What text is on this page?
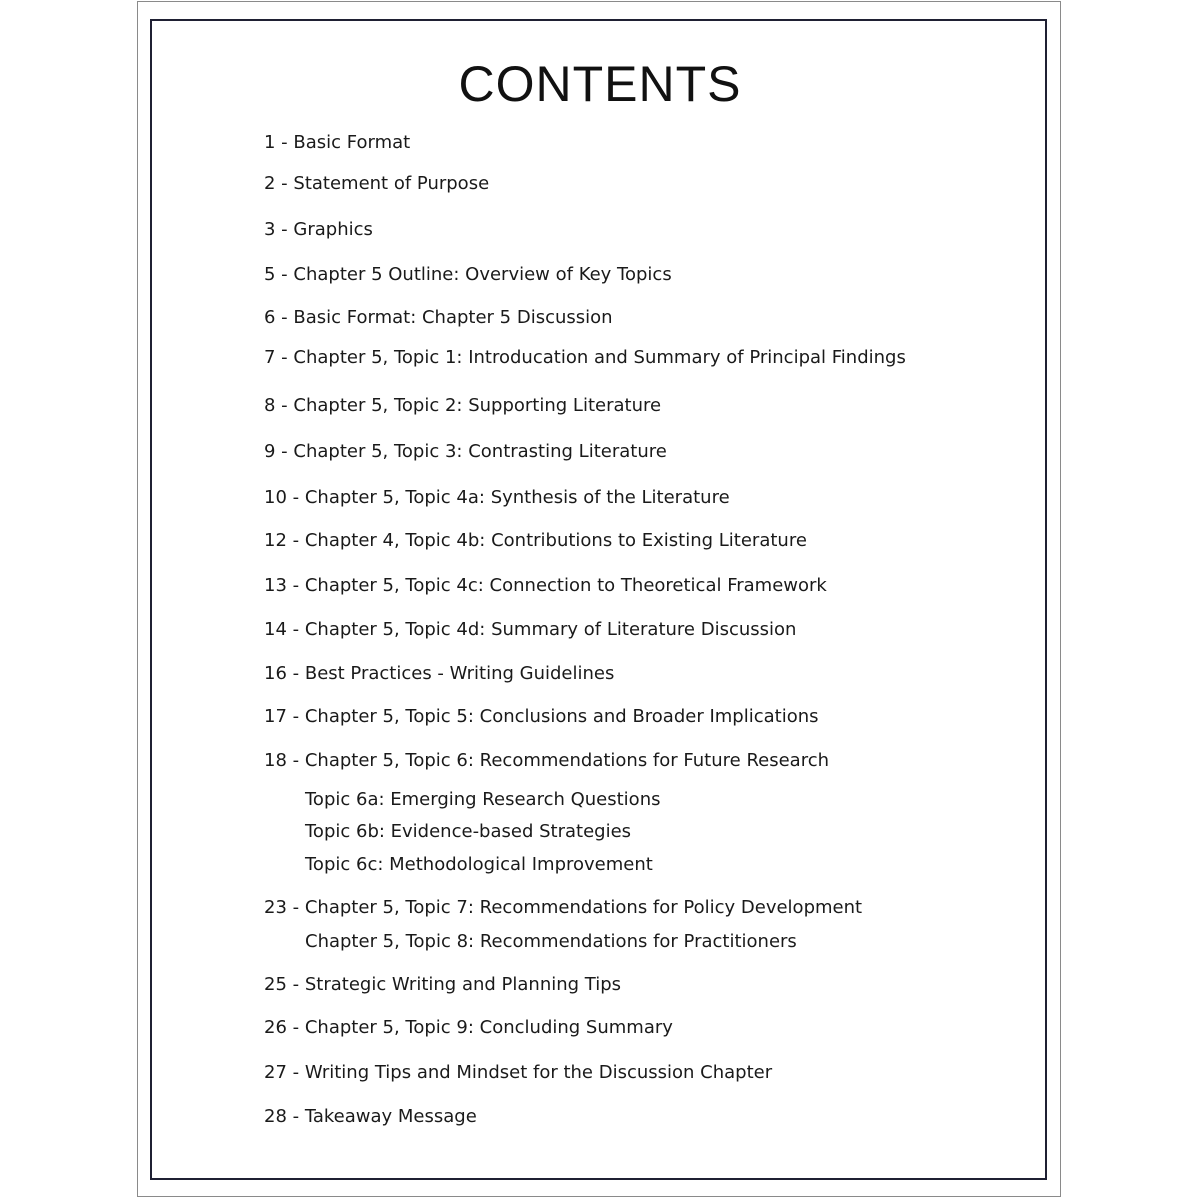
CONTENTS
1 - Basic Format
2 - Statement of Purpose
3 - Graphics
5 - Chapter 5 Outline: Overview of Key Topics
6 - Basic Format: Chapter 5 Discussion
7 - Chapter 5, Topic 1: Introducation and Summary of Principal Findings
8 - Chapter 5, Topic 2: Supporting Literature
9 - Chapter 5, Topic 3: Contrasting Literature
10 - Chapter 5, Topic 4a: Synthesis of the Literature
12 - Chapter 4, Topic 4b: Contributions to Existing Literature
13 - Chapter 5, Topic 4c: Connection to Theoretical Framework
14 - Chapter 5, Topic 4d: Summary of Literature Discussion
16 - Best Practices - Writing Guidelines
17 - Chapter 5, Topic 5: Conclusions and Broader Implications
18 - Chapter 5, Topic 6: Recommendations for Future Research
Topic 6a: Emerging Research Questions
Topic 6b: Evidence-based Strategies
Topic 6c: Methodological Improvement
23 - Chapter 5, Topic 7: Recommendations for Policy Development
Chapter 5, Topic 8: Recommendations for Practitioners
25 - Strategic Writing and Planning Tips
26 - Chapter 5, Topic 9: Concluding Summary
27 - Writing Tips and Mindset for the Discussion Chapter
28 - Takeaway Message
